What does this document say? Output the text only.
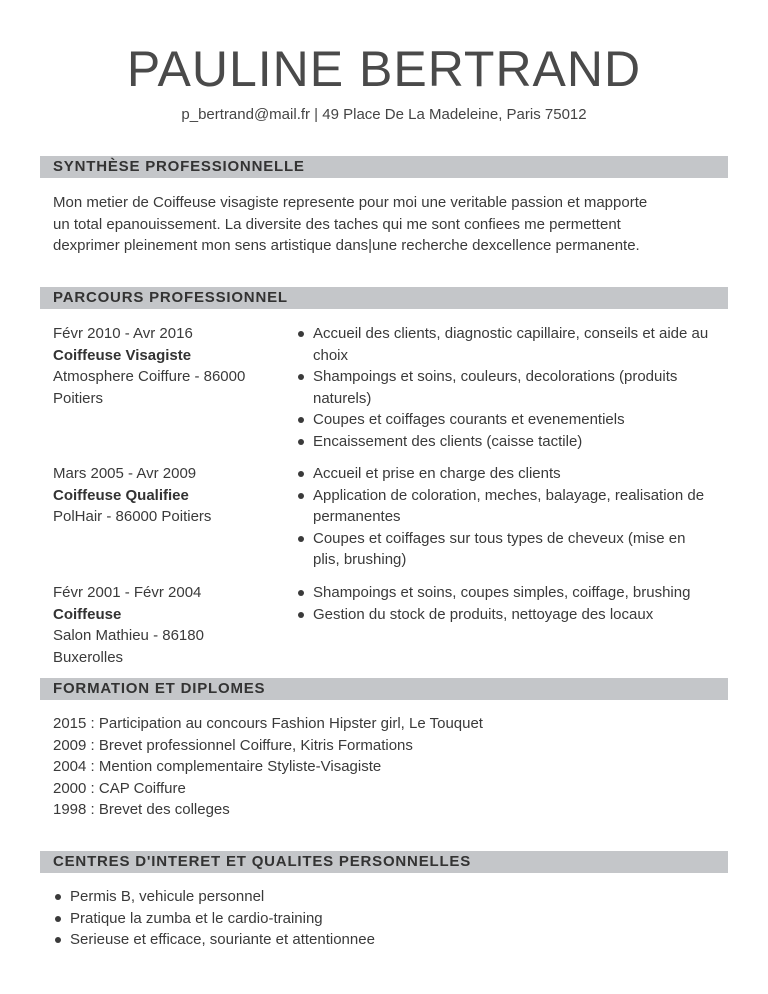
PAULINE BERTRAND
p_bertrand@mail.fr | 49 Place De La Madeleine, Paris 75012
SYNTHÈSE PROFESSIONNELLE
Mon metier de Coiffeuse visagiste represente pour moi une veritable passion et mapporte
un total epanouissement. La diversite des taches qui me sont confiees me permettent
dexprimer pleinement mon sens artistique dans|une recherche dexcellence permanente.
PARCOURS PROFESSIONNEL
Févr 2010 - Avr 2016
Coiffeuse Visagiste
Atmosphere Coiffure - 86000
Poitiers
Accueil des clients, diagnostic capillaire, conseils et aide au choix
Shampoings et soins, couleurs, decolorations (produits naturels)
Coupes et coiffages courants et evenementiels
Encaissement des clients (caisse tactile)
Mars 2005 - Avr 2009
Coiffeuse Qualifiee
PolHair - 86000 Poitiers
Accueil et prise en charge des clients
Application de coloration, meches, balayage, realisation de permanentes
Coupes et coiffages sur tous types de cheveux (mise en plis, brushing)
Févr 2001 - Févr 2004
Coiffeuse
Salon Mathieu - 86180
Buxerolles
Shampoings et soins, coupes simples, coiffage, brushing
Gestion du stock de produits, nettoyage des locaux
FORMATION ET DIPLOMES
2015 : Participation au concours Fashion Hipster girl, Le Touquet
2009 : Brevet professionnel Coiffure, Kitris Formations
2004 : Mention complementaire Styliste-Visagiste
2000 : CAP Coiffure
1998 : Brevet des colleges
CENTRES D'INTERET ET QUALITES PERSONNELLES
Permis B, vehicule personnel
Pratique la zumba et le cardio-training
Serieuse et efficace, souriante et attentionnee
